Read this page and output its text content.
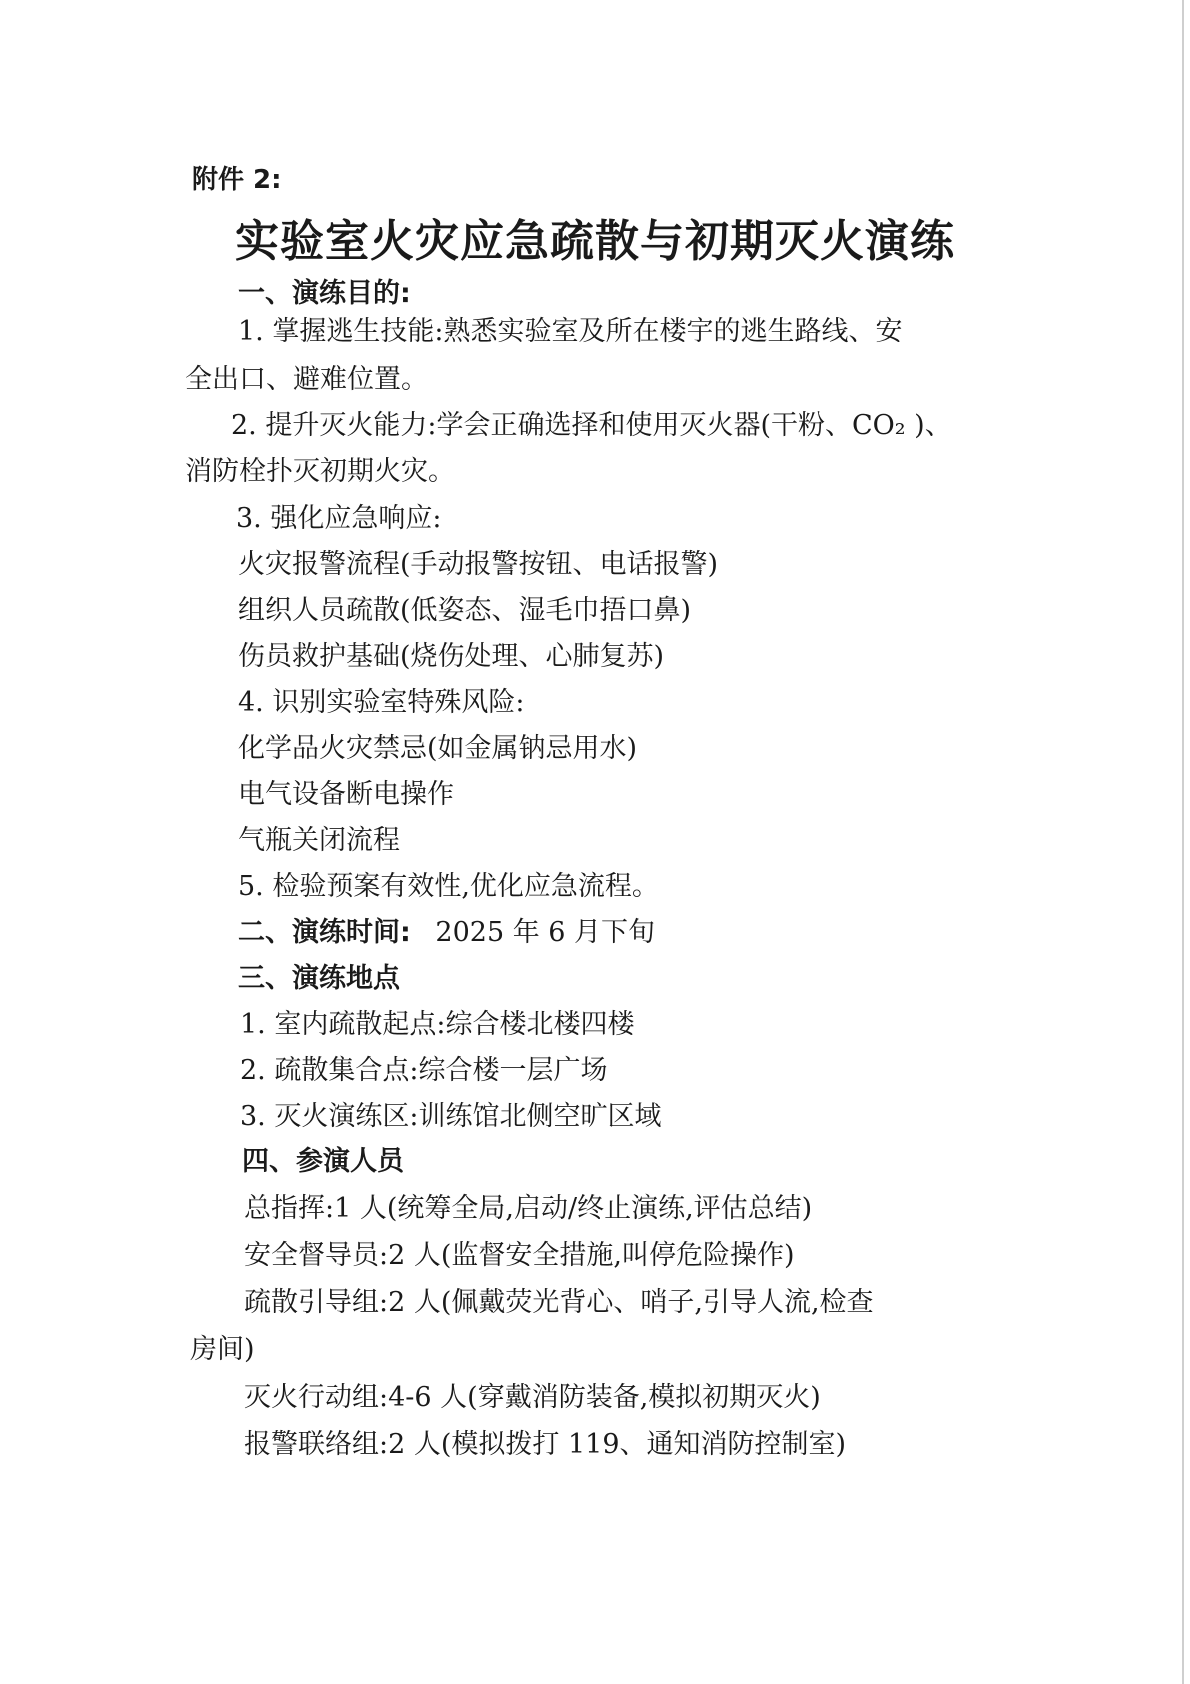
附件 2:
实验室火灾应急疏散与初期灭火演练
一、演练目的:
1. 掌握逃生技能:熟悉实验室及所在楼宇的逃生路线、安
全出口、避难位置。
2. 提升灭火能力:学会正确选择和使用灭火器(干粉、CO₂ )、
消防栓扑灭初期火灾。
3. 强化应急响应:
火灾报警流程(手动报警按钮、电话报警)
组织人员疏散(低姿态、湿毛巾捂口鼻)
伤员救护基础(烧伤处理、心肺复苏)
4. 识别实验室特殊风险:
化学品火灾禁忌(如金属钠忌用水)
电气设备断电操作
气瓶关闭流程
5. 检验预案有效性,优化应急流程。
二、演练时间: 2025 年 6 月下旬
三、演练地点
1. 室内疏散起点:综合楼北楼四楼
2. 疏散集合点:综合楼一层广场
3. 灭火演练区:训练馆北侧空旷区域
四、参演人员
总指挥:1 人(统筹全局,启动/终止演练,评估总结)
安全督导员:2 人(监督安全措施,叫停危险操作)
疏散引导组:2 人(佩戴荧光背心、哨子,引导人流,检查
房间)
灭火行动组:4-6 人(穿戴消防装备,模拟初期灭火)
报警联络组:2 人(模拟拨打 119、通知消防控制室)
